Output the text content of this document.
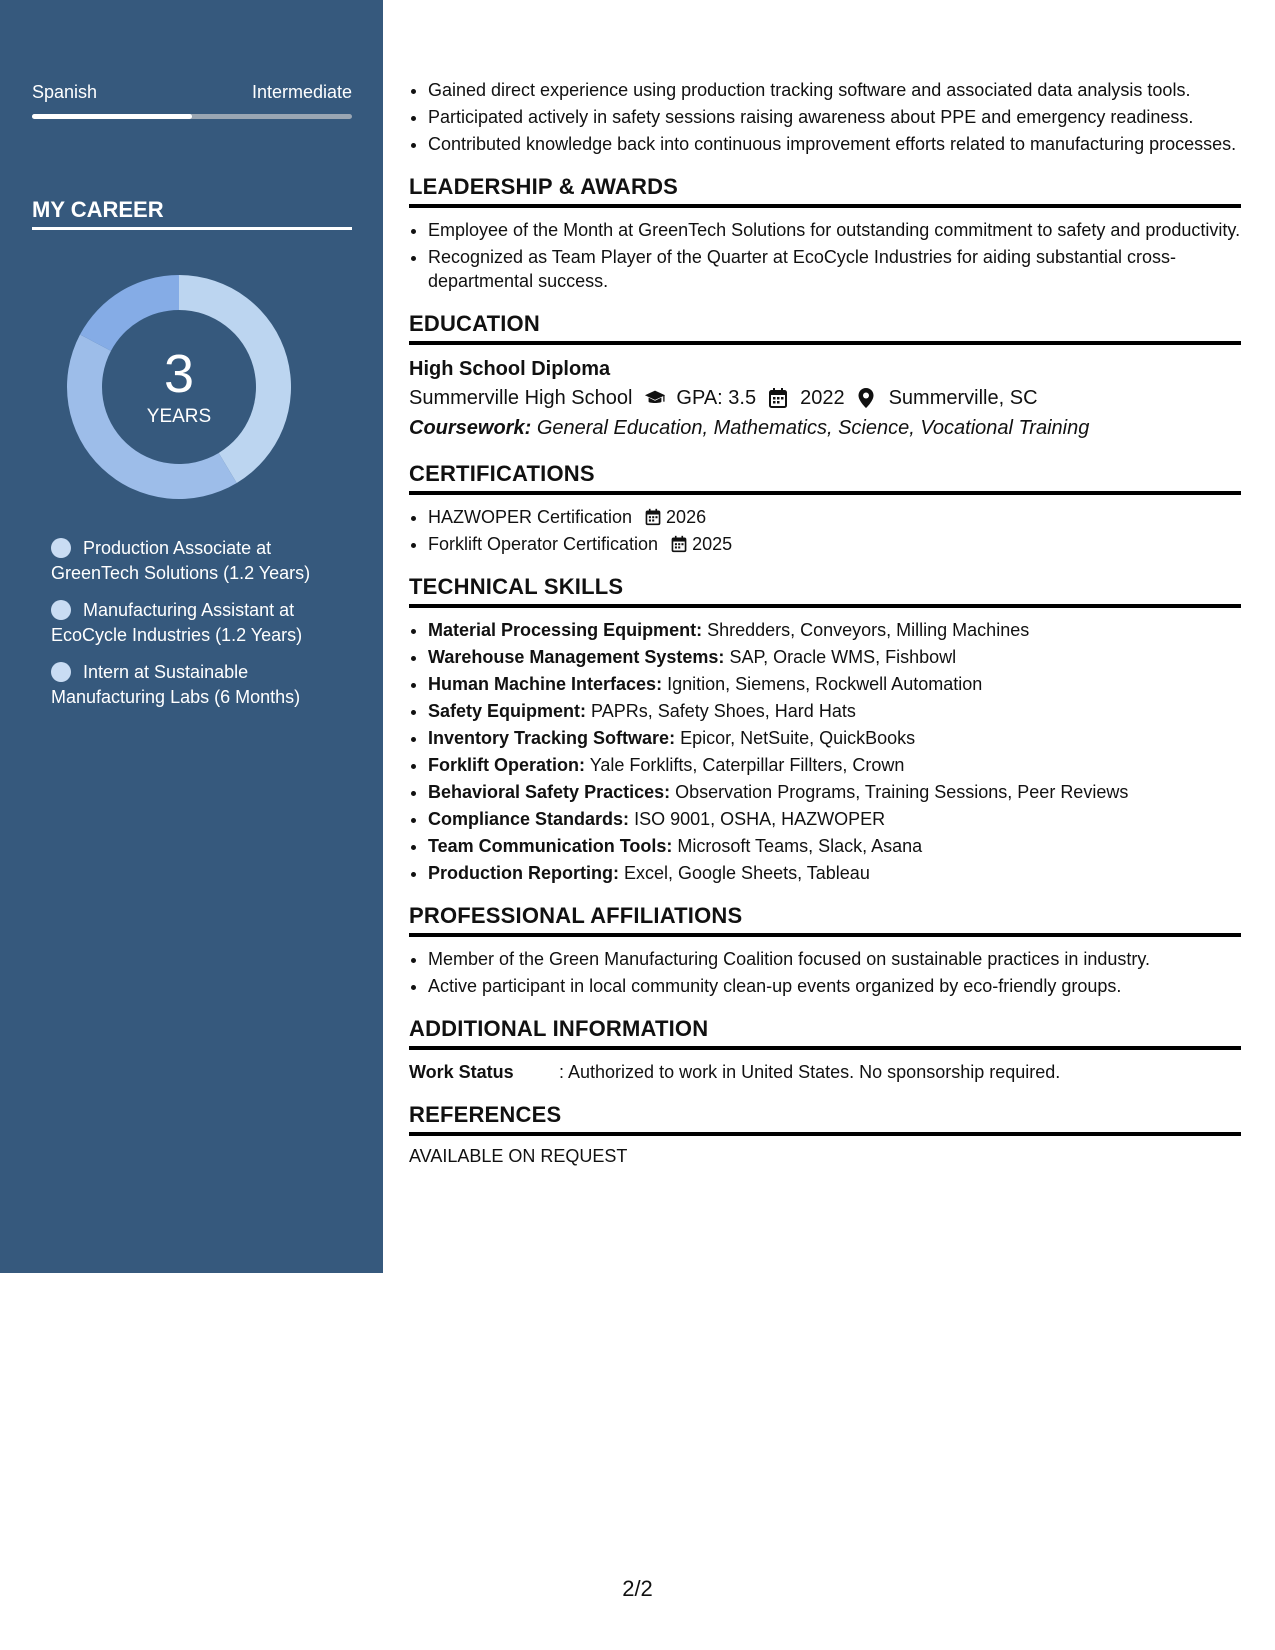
Spanish	Intermediate
MY CAREER
3
YEARS
Production Associate at GreenTech Solutions (1.2 Years)
Manufacturing Assistant at EcoCycle Industries (1.2 Years)
Intern at Sustainable Manufacturing Labs (6 Months)
• Gained direct experience using production tracking software and associated data analysis tools.
• Participated actively in safety sessions raising awareness about PPE and emergency readiness.
• Contributed knowledge back into continuous improvement efforts related to manufacturing processes.
LEADERSHIP & AWARDS
• Employee of the Month at GreenTech Solutions for outstanding commitment to safety and productivity.
• Recognized as Team Player of the Quarter at EcoCycle Industries for aiding substantial cross-departmental success.
EDUCATION
High School Diploma
Summerville High School GPA: 3.5 2022 Summerville, SC
Coursework: General Education, Mathematics, Science, Vocational Training
CERTIFICATIONS
• HAZWOPER Certification 2026
• Forklift Operator Certification 2025
TECHNICAL SKILLS
• Material Processing Equipment: Shredders, Conveyors, Milling Machines
• Warehouse Management Systems: SAP, Oracle WMS, Fishbowl
• Human Machine Interfaces: Ignition, Siemens, Rockwell Automation
• Safety Equipment: PAPRs, Safety Shoes, Hard Hats
• Inventory Tracking Software: Epicor, NetSuite, QuickBooks
• Forklift Operation: Yale Forklifts, Caterpillar Fillters, Crown
• Behavioral Safety Practices: Observation Programs, Training Sessions, Peer Reviews
• Compliance Standards: ISO 9001, OSHA, HAZWOPER
• Team Communication Tools: Microsoft Teams, Slack, Asana
• Production Reporting: Excel, Google Sheets, Tableau
PROFESSIONAL AFFILIATIONS
• Member of the Green Manufacturing Coalition focused on sustainable practices in industry.
• Active participant in local community clean-up events organized by eco-friendly groups.
ADDITIONAL INFORMATION
Work Status	: Authorized to work in United States. No sponsorship required.
REFERENCES
AVAILABLE ON REQUEST
2/2
